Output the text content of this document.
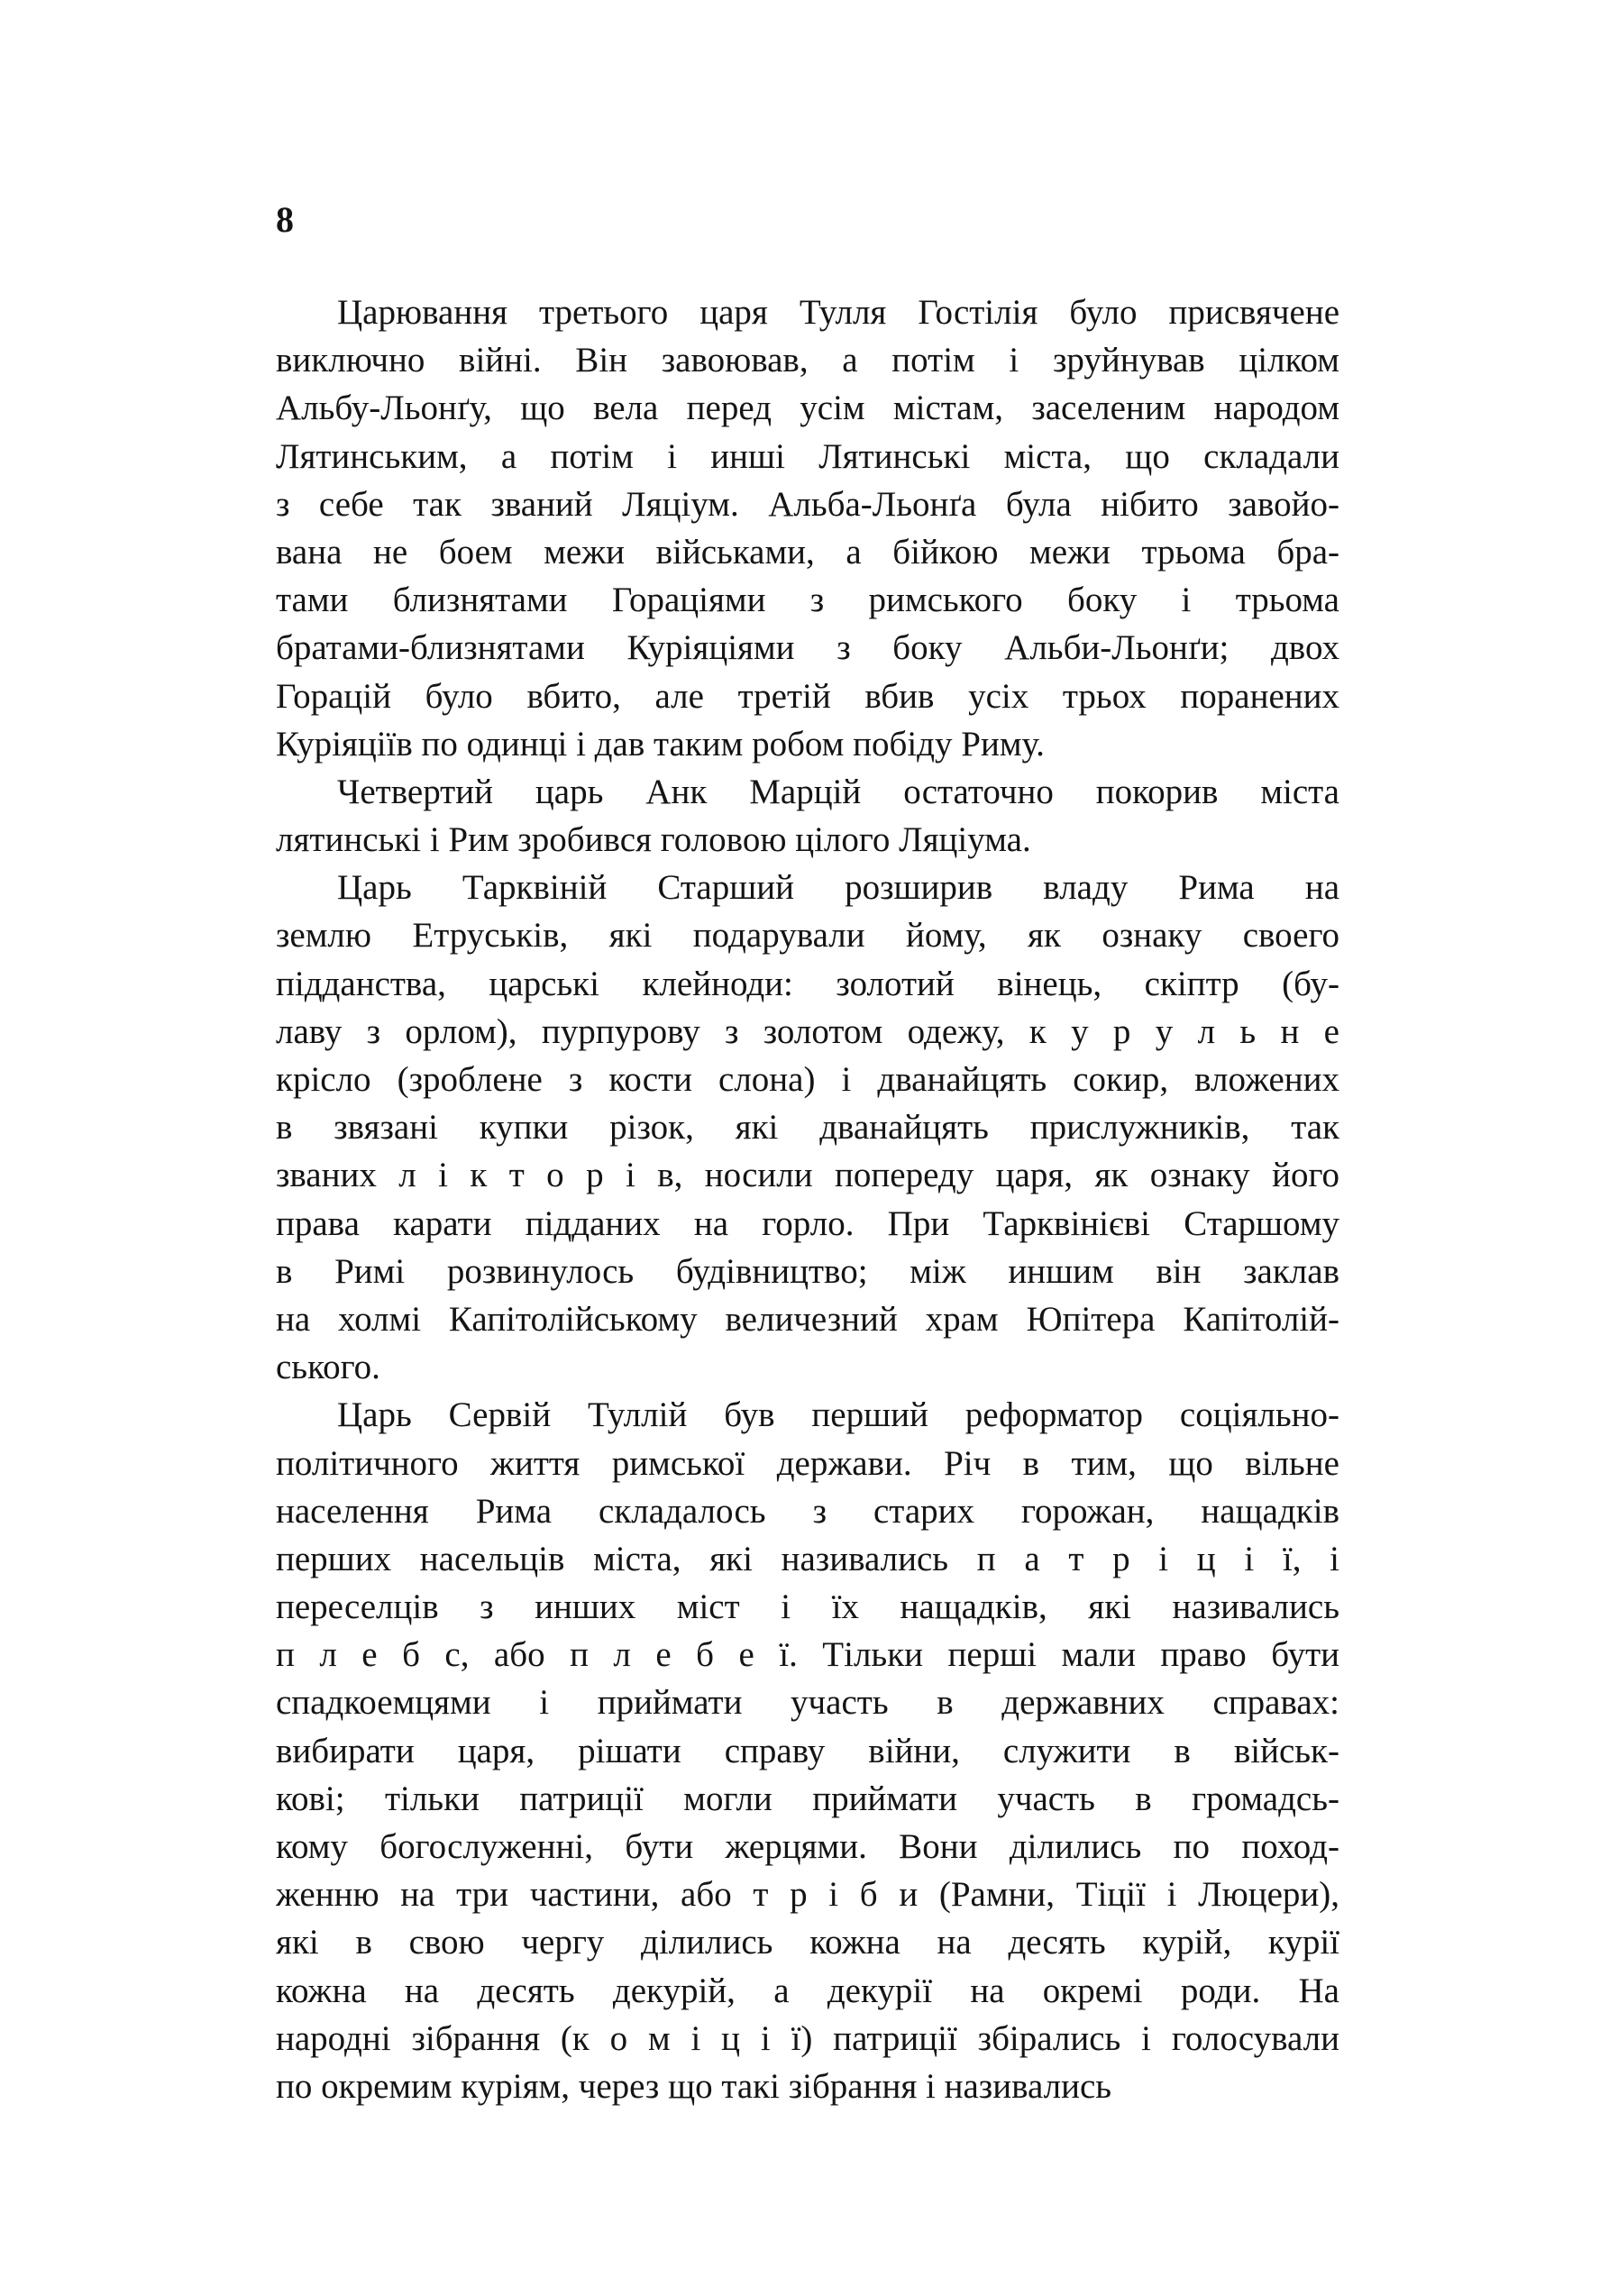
8
Царювання третього царя Тулля Гостілія було присвячене
виключно війні. Він завоював, а потім і зруйнував цілком
Альбу-Льонґу, що вела перед усім містам, заселеним народом
Лятинським, а потім і инші Лятинські міста, що складали
з себе так званий Ляціум. Альба-Льонґа була нібито завойо-
вана не боем межи військами, а бійкою межи трьома бра-
тами близнятами Гораціями з римського боку і трьома
братами-близнятами Куріяціями з боку Альби-Льонґи; двох
Горацій було вбито, але третій вбив усіх трьох поранених
Куріяціїв по одинці і дав таким робом побіду Риму.
Четвертий царь Анк Марцій остаточно покорив міста
лятинські і Рим зробився головою цілого Ляціума.
Царь Тарквіній Старший розширив владу Рима на
землю Етруськів, які подарували йому, як ознаку своего
підданства, царські клейноди: золотий вінець, скіптр (бу-
лаву з орлом), пурпурову з золотом одежу, к у р у л ь н е
крісло (зроблене з кости слона) і дванайцять сокир, вложених
в звязані купки різок, які дванайцять прислужників, так
званих л і к т о р і в, носили попереду царя, як ознаку його
права карати підданих на горло. При Тарквінієві Старшому
в Римі розвинулось будівництво; між иншим він заклав
на холмі Капітолійському величезний храм Юпітера Капітолій-
ського.
Царь Сервій Туллій був перший реформатор соціяльно-
політичного життя римської держави. Річ в тим, що вільне
населення Рима складалось з старих горожан, нащадків
перших насельців міста, які називались п а т р і ц і ї, і
переселців з инших міст і їх нащадків, які називались
п л е б с, або п л е б е ї. Тільки перші мали право бути
спадкоемцями і приймати участь в державних справах:
вибирати царя, рішати справу війни, служити в військ-
кові; тільки патриції могли приймати участь в громадсь-
кому богослуженні, бути жерцями. Вони ділились по поход-
женню на три частини, або т р і б и (Рамни, Тіції і Люцери),
які в свою чергу ділились кожна на десять курій, курії
кожна на десять декурій, а декурії на окремі роди. На
народні зібрання (к о м і ц і ї) патриції збірались і голосували
по окремим куріям, через що такі зібрання і називались
